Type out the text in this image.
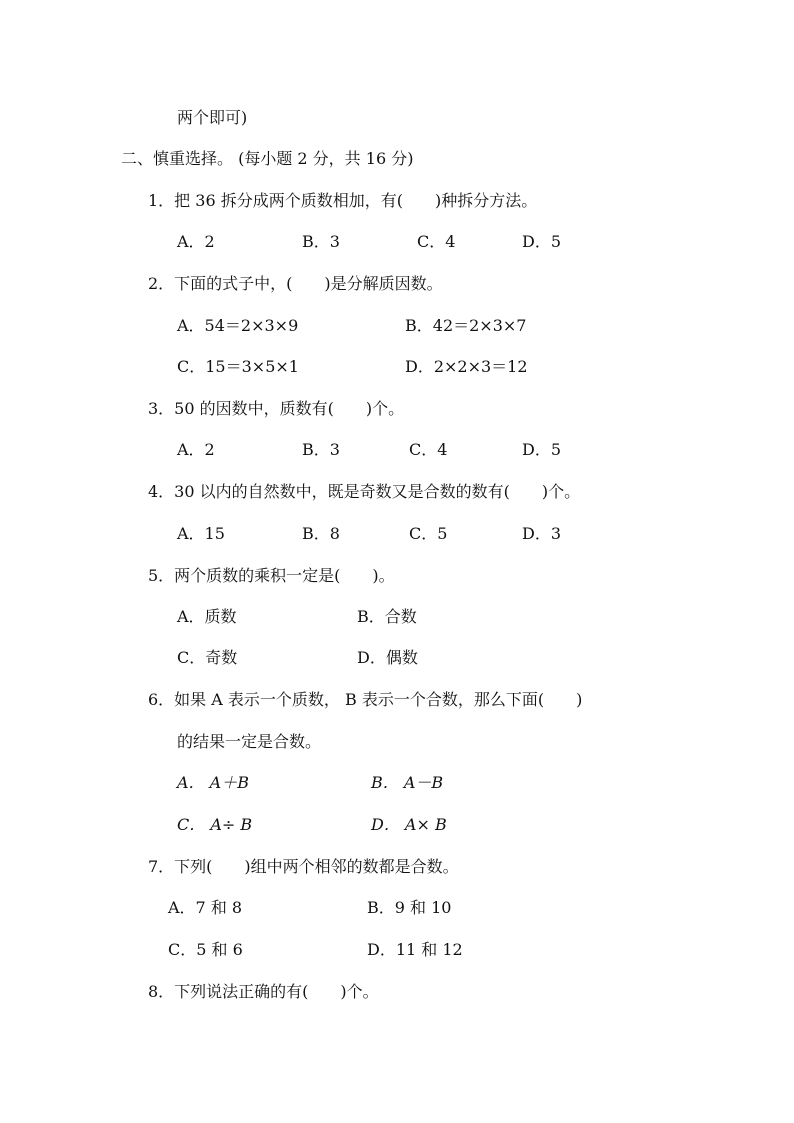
两个即可)
二、慎重选择。 (每小题 2 分，共 16 分)
1．把 36 拆分成两个质数相加，有(　　)种拆分方法。
A．2	B．3	C．4	D．5
2．下面的式子中，(　　)是分解质因数。
A．54＝2×3×9	B．42＝2×3×7
C．15＝3×5×1	D．2×2×3＝12
3．50 的因数中，质数有(　　)个。
A．2	B．3	C．4	D．5
4．30 以内的自然数中，既是奇数又是合数的数有(　　)个。
A．15	B．8	C．5	D．3
5．两个质数的乘积一定是(　　)。
A．质数	B．合数
C．奇数	D．偶数
6．如果 A 表示一个质数， B 表示一个合数，那么下面(　　)
的结果一定是合数。
A． A＋B	B． A－B
C． A÷ B	D． A× B
7．下列(　　)组中两个相邻的数都是合数。
A．7 和 8	B．9 和 10
C．5 和 6	D．11 和 12
8．下列说法正确的有(　　)个。
